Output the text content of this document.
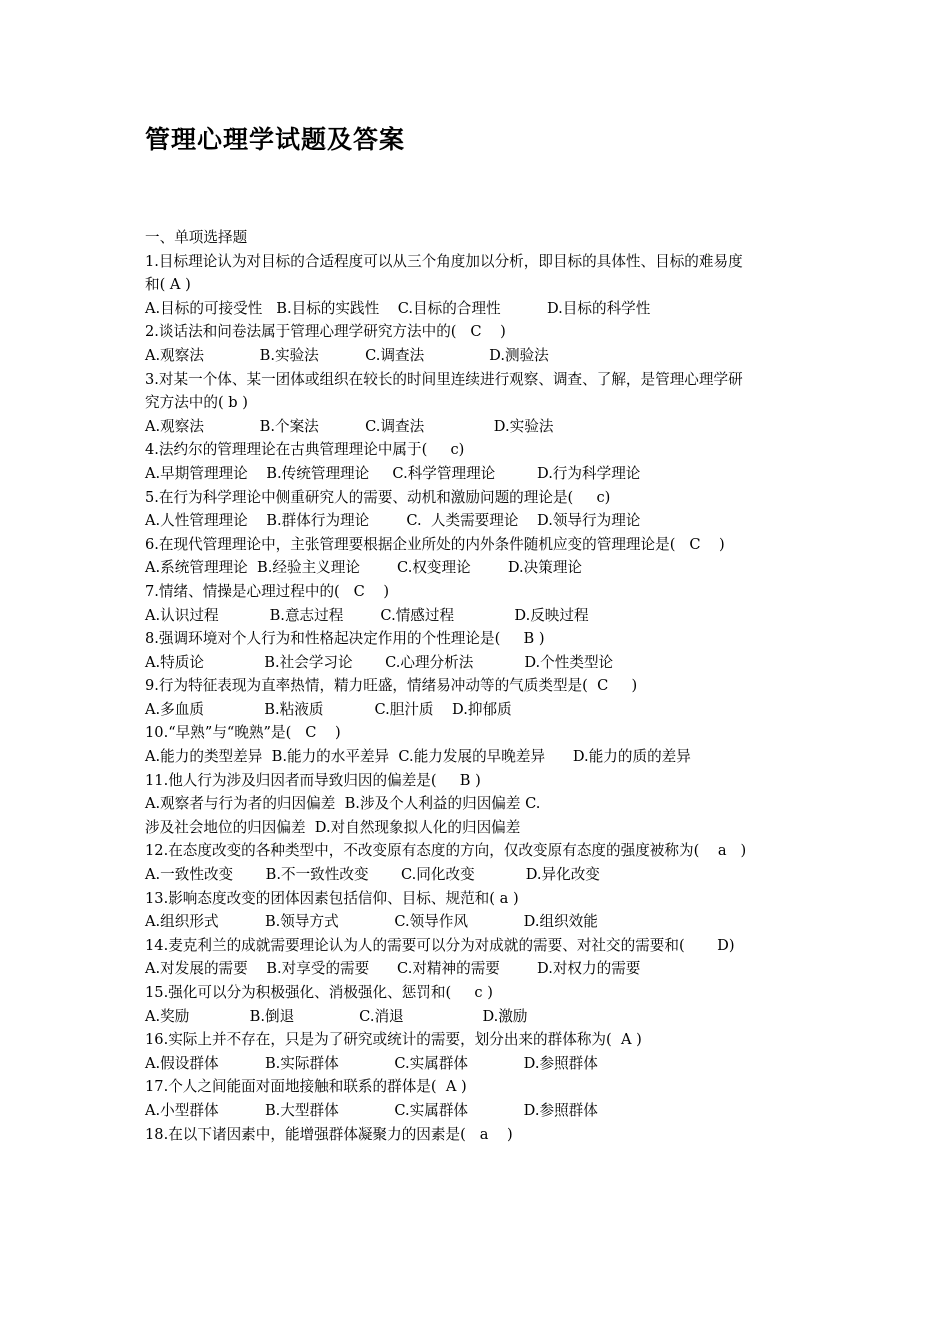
管理心理学试题及答案
一、单项选择题
1.目标理论认为对目标的合适程度可以从三个角度加以分析，即目标的具体性、目标的难易度
和( A )
A.目标的可接受性   B.目标的实践性    C.目标的合理性          D.目标的科学性
2.谈话法和问卷法属于管理心理学研究方法中的(   C    )
A.观察法            B.实验法          C.调查法              D.测验法
3.对某一个体、某一团体或组织在较长的时间里连续进行观察、调查、了解，是管理心理学研
究方法中的( b )
A.观察法            B.个案法          C.调查法               D.实验法
4.法约尔的管理理论在古典管理理论中属于(     c)
A.早期管理理论    B.传统管理理论     C.科学管理理论         D.行为科学理论
5.在行为科学理论中侧重研究人的需要、动机和激励问题的理论是(     c)
A.人性管理理论    B.群体行为理论        C.  人类需要理论    D.领导行为理论
6.在现代管理理论中，主张管理要根据企业所处的内外条件随机应变的管理理论是(   C    )
A.系统管理理论  B.经验主义理论        C.权变理论        D.决策理论
7.情绪、情操是心理过程中的(   C    )
A.认识过程           B.意志过程        C.情感过程             D.反映过程
8.强调环境对个人行为和性格起决定作用的个性理论是(     B )
A.特质论             B.社会学习论       C.心理分析法           D.个性类型论
9.行为特征表现为直率热情，精力旺盛，情绪易冲动等的气质类型是(  C     )
A.多血质             B.粘液质           C.胆汁质    D.抑郁质
10.“早熟”与“晚熟”是(   C    )
A.能力的类型差异  B.能力的水平差异  C.能力发展的早晚差异      D.能力的质的差异
11.他人行为涉及归因者而导致归因的偏差是(     B )
A.观察者与行为者的归因偏差  B.涉及个人利益的归因偏差 C.
涉及社会地位的归因偏差  D.对自然现象拟人化的归因偏差
12.在态度改变的各种类型中，不改变原有态度的方向，仅改变原有态度的强度被称为(    a   )
A.一致性改变       B.不一致性改变       C.同化改变           D.异化改变
13.影响态度改变的团体因素包括信仰、目标、规范和( a )
A.组织形式          B.领导方式            C.领导作风            D.组织效能
14.麦克利兰的成就需要理论认为人的需要可以分为对成就的需要、对社交的需要和(       D)
A.对发展的需要    B.对享受的需要      C.对精神的需要        D.对权力的需要
15.强化可以分为积极强化、消极强化、惩罚和(     c )
A.奖励             B.倒退              C.消退                 D.激励
16.实际上并不存在，只是为了研究或统计的需要，划分出来的群体称为(  A )
A.假设群体          B.实际群体            C.实属群体            D.参照群体
17.个人之间能面对面地接触和联系的群体是(  A )
A.小型群体          B.大型群体            C.实属群体            D.参照群体
18.在以下诸因素中，能增强群体凝聚力的因素是(   a    )
